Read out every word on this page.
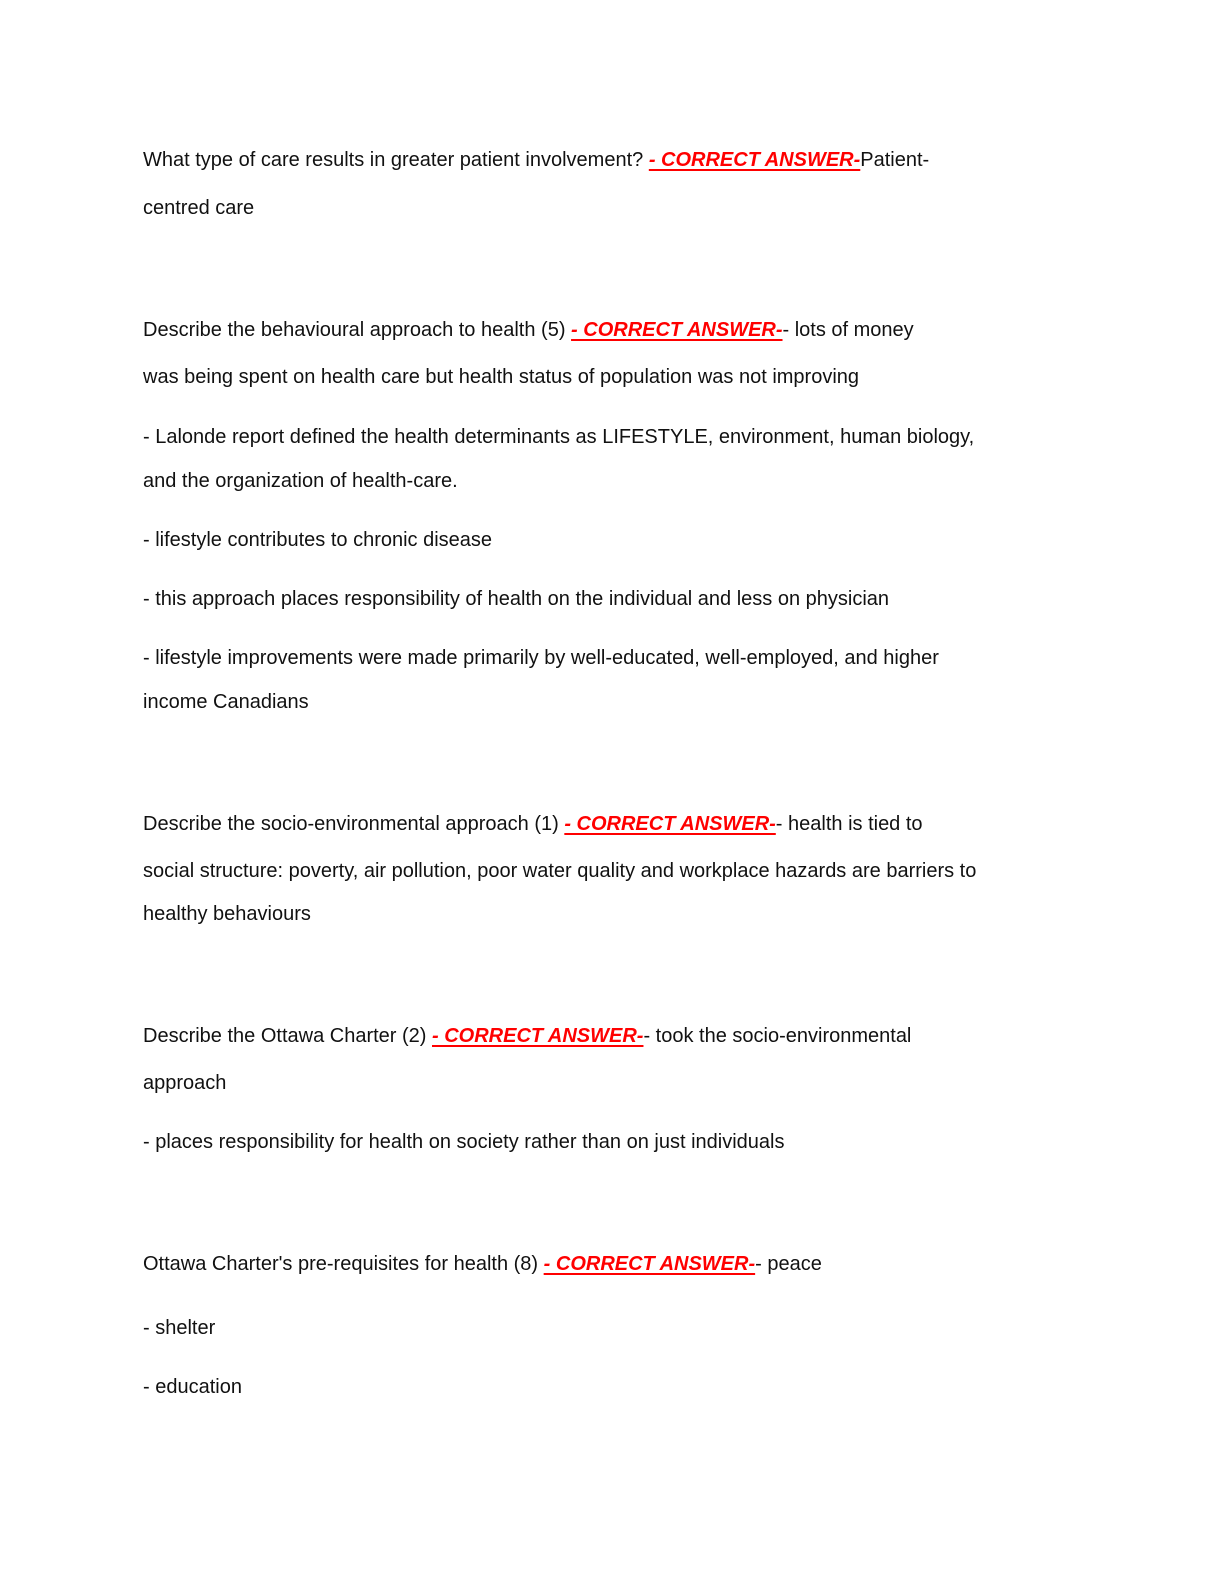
What type of care results in greater patient involvement? - CORRECT ANSWER-Patient-
centred care
Describe the behavioural approach to health (5) - CORRECT ANSWER-- lots of money
was being spent on health care but health status of population was not improving
- Lalonde report defined the health determinants as LIFESTYLE, environment, human biology,
and the organization of health-care.
- lifestyle contributes to chronic disease
- this approach places responsibility of health on the individual and less on physician
- lifestyle improvements were made primarily by well-educated, well-employed, and higher
income Canadians
Describe the socio-environmental approach (1) - CORRECT ANSWER-- health is tied to
social structure: poverty, air pollution, poor water quality and workplace hazards are barriers to
healthy behaviours
Describe the Ottawa Charter (2) - CORRECT ANSWER-- took the socio-environmental
approach
- places responsibility for health on society rather than on just individuals
Ottawa Charter's pre-requisites for health (8) - CORRECT ANSWER-- peace
- shelter
- education
